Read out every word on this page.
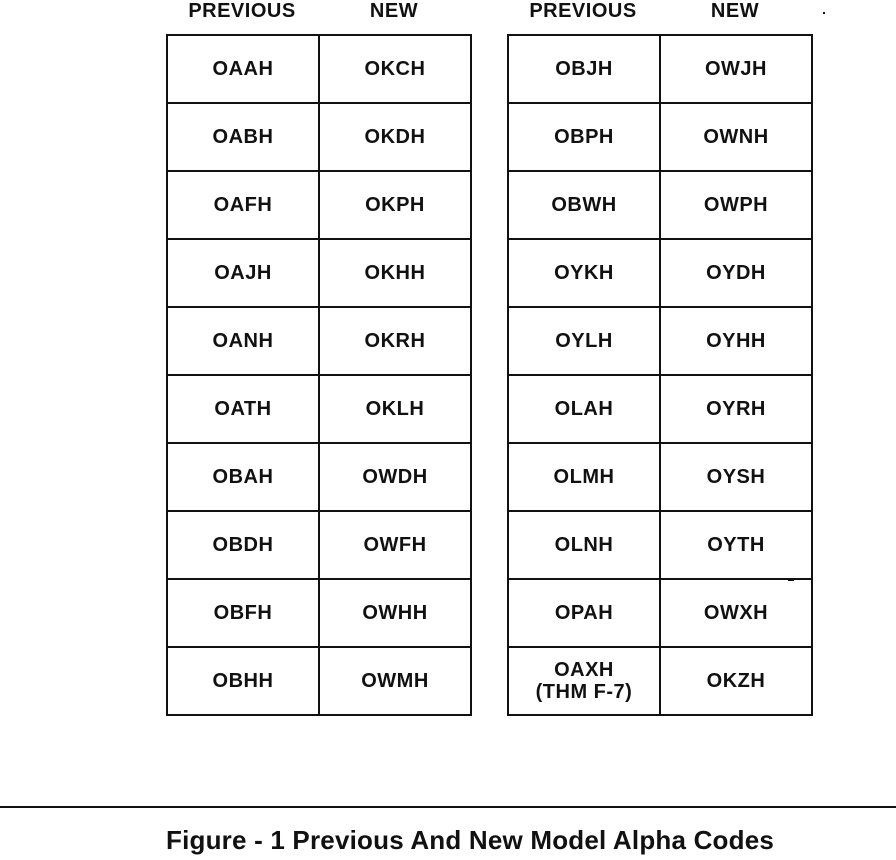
PREVIOUS	NEW
OAAH	OKCH

OABH	OKDH

OAFH	OKPH

OAJH	OKHH

OANH	OKRH

OATH	OKLH

OBAH	OWDH

OBDH	OWFH

OBFH	OWHH

OBHH	OWMH
PREVIOUS	NEW
OBJH	OWJH

OBPH	OWNH

OBWH	OWPH

OYKH	OYDH

OYLH	OYHH

OLAH	OYRH

OLMH	OYSH

OLNH	OYTH

OPAH	OWXH

OAXH
(THM F-7)	OKZH
Figure - 1 Previous And New Model Alpha Codes
